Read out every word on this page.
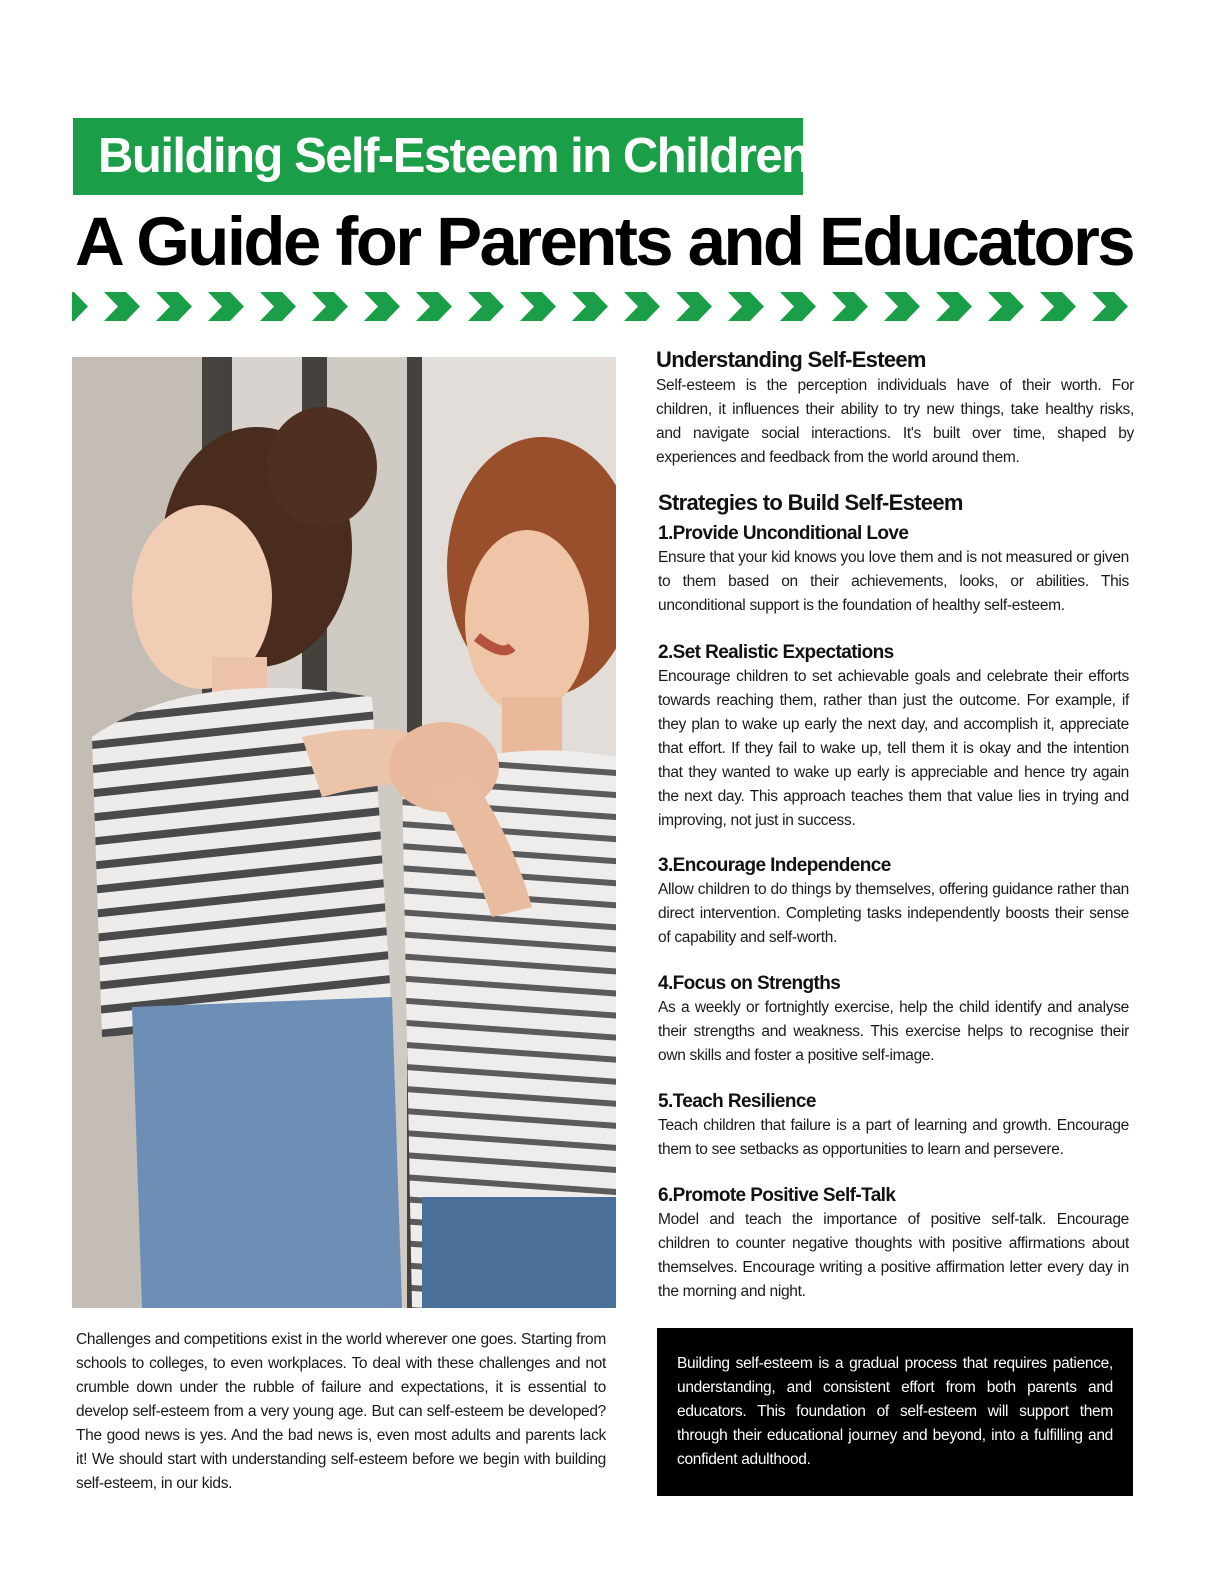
Building Self-Esteem in Children
A Guide for Parents and Educators
Understanding Self-Esteem

Self-esteem is the perception individuals have of their worth. For children, it influences their ability to try new things, take healthy risks, and navigate social interactions. It's built over time, shaped by experiences and feedback from the world around them.

Strategies to Build Self-Esteem
1.Provide Unconditional Love

Ensure that your kid knows you love them and is not measured or given to them based on their achievements, looks, or abilities. This unconditional support is the foundation of healthy self-esteem.

2.Set Realistic Expectations

Encourage children to set achievable goals and celebrate their efforts towards reaching them, rather than just the outcome. For example, if they plan to wake up early the next day, and accomplish it, appreciate that effort. If they fail to wake up, tell them it is okay and the intention that they wanted to wake up early is appreciable and hence try again the next day. This approach teaches them that value lies in trying and improving, not just in success.

3.Encourage Independence

Allow children to do things by themselves, offering guidance rather than direct intervention. Completing tasks independently boosts their sense of capability and self-worth.

4.Focus on Strengths

As a weekly or fortnightly exercise, help the child identify and analyse their strengths and weakness. This exercise helps to recognise their own skills and foster a positive self-image.

5.Teach Resilience

Teach children that failure is a part of learning and growth. Encourage them to see setbacks as opportunities to learn and persevere.

6.Promote Positive Self-Talk

Model and teach the importance of positive self-talk. Encourage children to counter negative thoughts with positive affirmations about themselves. Encourage writing a positive affirmation letter every day in the morning and night.

Challenges and competitions exist in the world wherever one goes. Starting from schools to colleges, to even workplaces. To deal with these challenges and not crumble down under the rubble of failure and expectations, it is essential to develop self-esteem from a very young age. But can self-esteem be developed? The good news is yes. And the bad news is, even most adults and parents lack it! We should start with understanding self-esteem before we begin with building self-esteem, in our kids.

Building self-esteem is a gradual process that requires patience, understanding, and consistent effort from both parents and educators. This foundation of self-esteem will support them through their educational journey and beyond, into a fulfilling and confident adulthood.
